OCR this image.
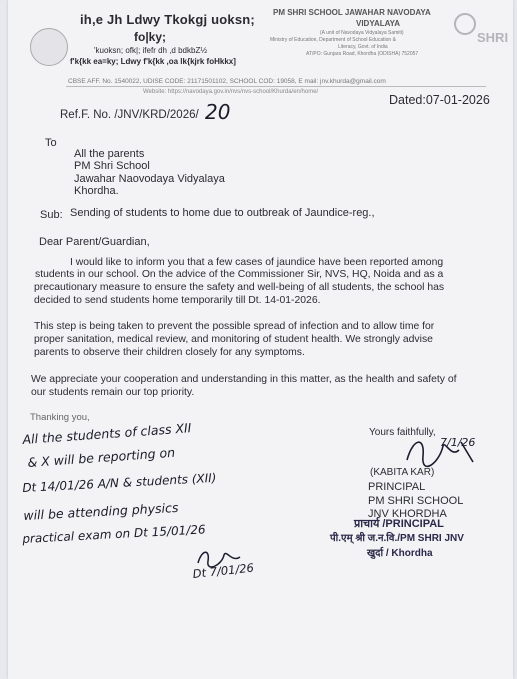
SHRI
ih,e Jh Ldwy Tkokgj uoksn;
fo|ky;
'kuoksn; ofk|; ifefr dh ,d bdkbZ½
f'k{kk ea=ky; Ldwy f'k{kk ,oa lk{kjrk foHkkx]
PM SHRI SCHOOL JAWAHAR NAVODAYA
VIDYALAYA
(A unit of Navodaya Vidyalaya Samiti)
Ministry of Education, Department of School Education &
Literacy, Govt. of India
AT/PO: Gunjara Road, Khordha (ODISHA) 752057
CBSE AFF. No. 1540022, UDISE CODE: 21171501102, SCHOOL COD: 19058, E mail: jnv.khurda@gmail.com
Website: https://navodaya.gov.in/nvs/nvs-school/Khurda/en/home/
Ref.F. No. /JNV/KRD/2026/ 20	Dated:07-01-2026
To
All the parents
PM Shri School
Jawahar Naovodaya Vidyalaya
Khordha.
Sub: Sending of students to home due to outbreak of Jaundice-reg.,
Dear Parent/Guardian,
I would like to inform you that a few cases of jaundice have been reported among
students in our school. On the advice of the Commissioner Sir, NVS, HQ, Noida and as a
precautionary measure to ensure the safety and well-being of all students, the school has
decided to send students home temporarily till Dt. 14-01-2026.
This step is being taken to prevent the possible spread of infection and to allow time for
proper sanitation, medical review, and monitoring of student health. We strongly advise
parents to observe their children closely for any symptoms.
We appreciate your cooperation and understanding in this matter, as the health and safety of
our students remain our top priority.
Thanking you,
Yours faithfully,
7/1/26
(KABITA KAR)
PRINCIPAL
PM SHRI SCHOOL
JNV KHORDHA
प्राचार्य /PRINCIPAL
पी.एम् श्री ज.न.वि./PM SHRI JNV
खुर्दा / Khordha
All the students of class XII
& X will be reporting on
Dt 14/01/26 A/N & students (XII)
will be attending physics
practical exam on Dt 15/01/26
Dt 7/01/26
